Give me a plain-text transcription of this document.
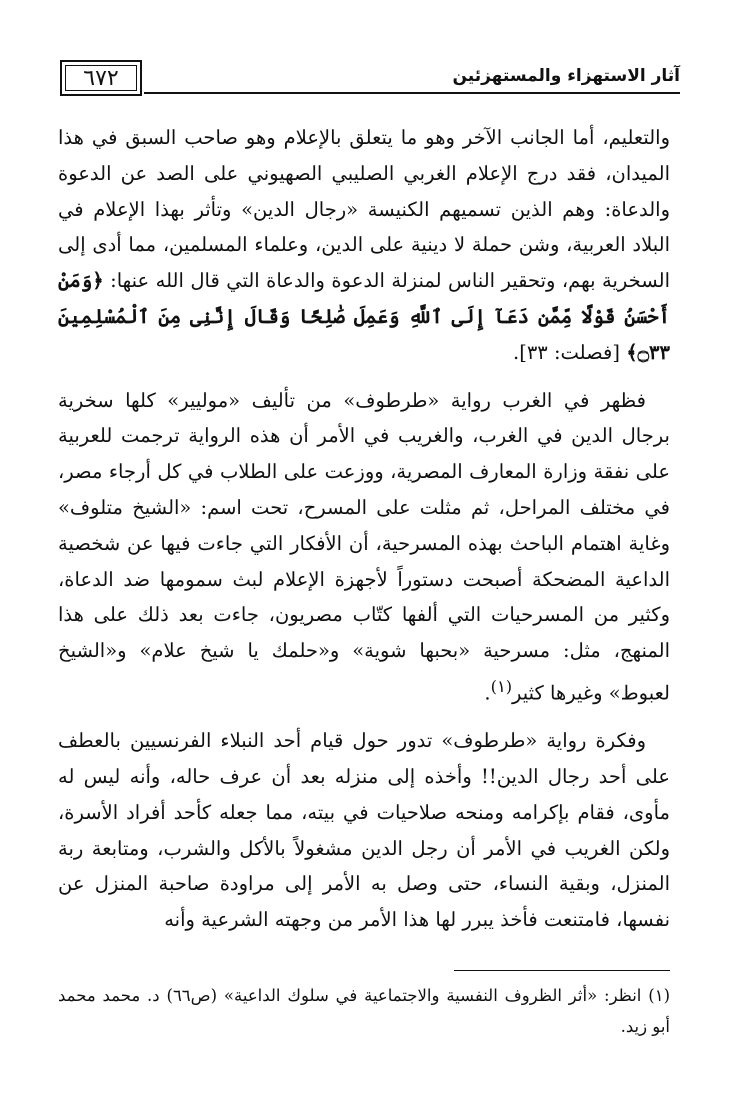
٦٧٢	آثار الاستهزاء والمستهزئين

والتعليم، أما الجانب الآخر وهو ما يتعلق بالإعلام وهو صاحب السبق في هذا الميدان، فقد درج الإعلام الغربي الصليبي الصهيوني على الصد عن الدعوة والدعاة: وهم الذين تسميهم الكنيسة «رجال الدين» وتأثر بهذا الإعلام في البلاد العربية، وشن حملة لا دينية على الدين، وعلماء المسلمين، مما أدى إلى السخرية بهم، وتحقير الناس لمنزلة الدعوة والدعاة التي قال الله عنها: ﴿وَمَنْ أَحْسَنُ قَوْلًا مِّمَّن دَعَآ إِلَى ٱللَّهِ وَعَمِلَ صَٰلِحًا وَقَالَ إِنَّنِى مِنَ ٱلْمُسْلِمِينَ ۝٣٣﴾ [فصلت: ٣٣].

فظهر في الغرب رواية «طرطوف» من تأليف «موليير» كلها سخرية برجال الدين في الغرب، والغريب في الأمر أن هذه الرواية ترجمت للعربية على نفقة وزارة المعارف المصرية، ووزعت على الطلاب في كل أرجاء مصر، في مختلف المراحل، ثم مثلت على المسرح، تحت اسم: «الشيخ متلوف» وغاية اهتمام الباحث بهذه المسرحية، أن الأفكار التي جاءت فيها عن شخصية الداعية المضحكة أصبحت دستوراً لأجهزة الإعلام لبث سمومها ضد الدعاة، وكثير من المسرحيات التي ألفها كتّاب مصريون، جاءت بعد ذلك على هذا المنهج، مثل: مسرحية «بحبها شوية» و«حلمك يا شيخ علام» و«الشيخ لعبوط» وغيرها كثير$^{(١)}$.

وفكرة رواية «طرطوف» تدور حول قيام أحد النبلاء الفرنسيين بالعطف على أحد رجال الدين!! وأخذه إلى منزله بعد أن عرف حاله، وأنه ليس له مأوى، فقام بإكرامه ومنحه صلاحيات في بيته، مما جعله كأحد أفراد الأسرة، ولكن الغريب في الأمر أن رجل الدين مشغولاً بالأكل والشرب، ومتابعة ربة المنزل، وبقية النساء، حتى وصل به الأمر إلى مراودة صاحبة المنزل عن نفسها، فامتنعت فأخذ يبرر لها هذا الأمر من وجهته الشرعية وأنه

(١) انظر: «أثر الظروف النفسية والاجتماعية في سلوك الداعية» (ص٦٦) د. محمد محمد أبو زيد.
